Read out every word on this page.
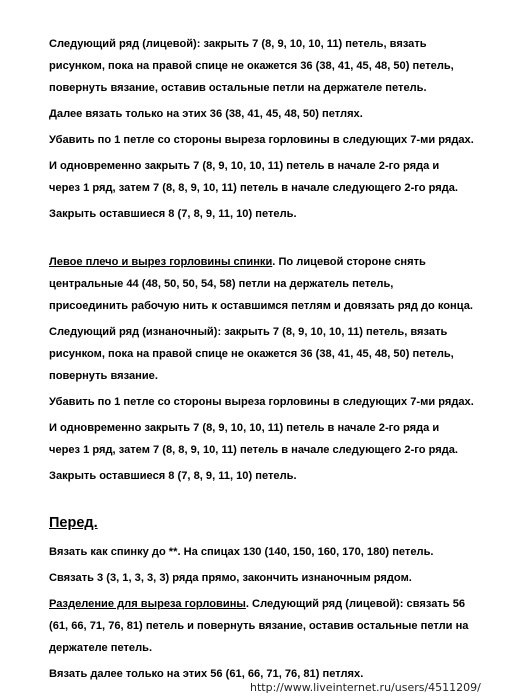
Следующий ряд (лицевой): закрыть 7 (8, 9, 10, 10, 11) петель, вязать

рисунком, пока на правой спице не окажется 36 (38, 41, 45, 48, 50) петель,

повернуть вязание, оставив остальные петли на держателе петель.

Далее вязать только на этих 36 (38, 41, 45, 48, 50) петлях.

Убавить по 1 петле со стороны выреза горловины в следующих 7-ми рядах.

И одновременно закрыть 7 (8, 9, 10, 10, 11) петель в начале 2-го ряда и

через 1 ряд, затем 7 (8, 8, 9, 10, 11) петель в начале следующего 2-го ряда.

Закрыть оставшиеся 8 (7, 8, 9, 11, 10) петель.

Левое плечо и вырез горловины спинки. По лицевой стороне снять

центральные 44 (48, 50, 50, 54, 58) петли на держатель петель,

присоединить рабочую нить к оставшимся петлям и довязать ряд до конца.

Следующий ряд (изнаночный): закрыть 7 (8, 9, 10, 10, 11) петель, вязать

рисунком, пока на правой спице не окажется 36 (38, 41, 45, 48, 50) петель,

повернуть вязание.

Убавить по 1 петле со стороны выреза горловины в следующих 7-ми рядах.

И одновременно закрыть 7 (8, 9, 10, 10, 11) петель в начале 2-го ряда и

через 1 ряд, затем 7 (8, 8, 9, 10, 11) петель в начале следующего 2-го ряда.

Закрыть оставшиеся 8 (7, 8, 9, 11, 10) петель.

Перед.

Вязать как спинку до **. На спицах 130 (140, 150, 160, 170, 180) петель.

Связать 3 (3, 1, 3, 3, 3) ряда прямо, закончить изнаночным рядом.

Разделение для выреза горловины. Следующий ряд (лицевой): связать 56

(61, 66, 71, 76, 81) петель и повернуть вязание, оставив остальные петли на

держателе петель.

Вязать далее только на этих 56 (61, 66, 71, 76, 81) петлях.

http://www.liveinternet.ru/users/4511209/
